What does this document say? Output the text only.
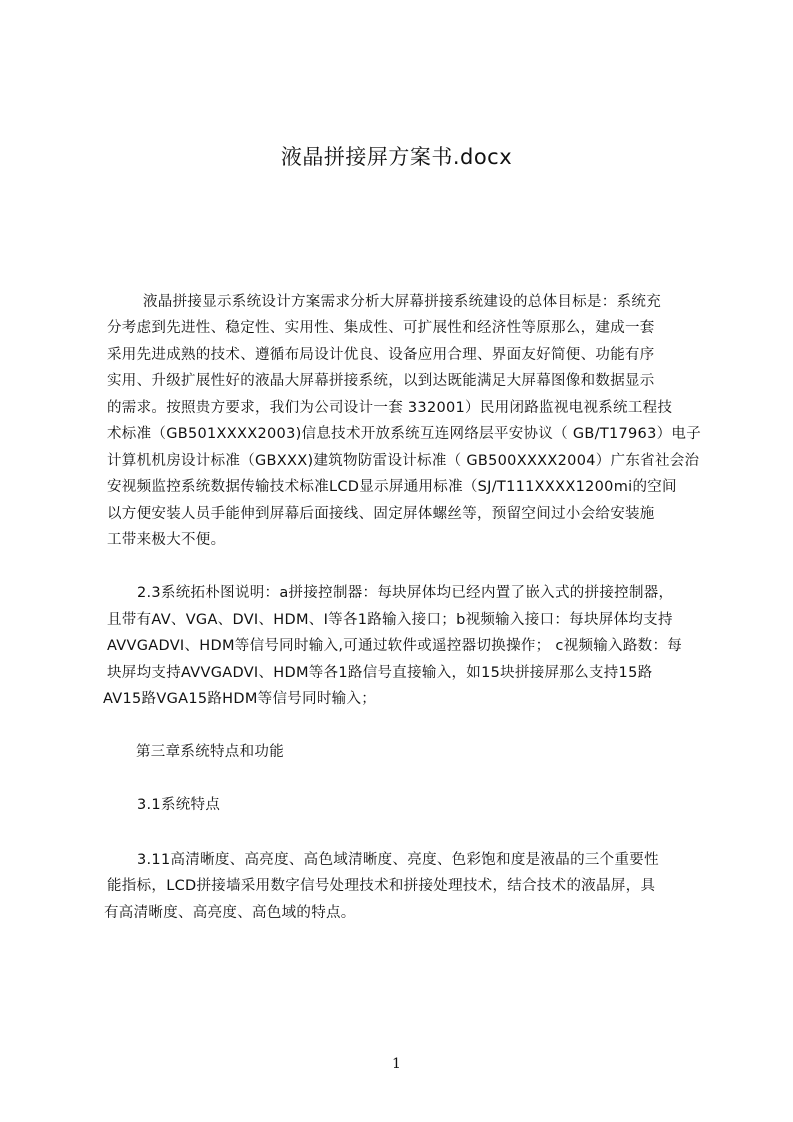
液晶拼接屏方案书.docx
液晶拼接显示系统设计方案需求分析大屏幕拼接系统建设的总体目标是：系统充
分考虑到先进性、稳定性、实用性、集成性、可扩展性和经济性等原那么，建成一套
采用先进成熟的技术、遵循布局设计优良、设备应用合理、界面友好简便、功能有序
实用、升级扩展性好的液晶大屏幕拼接系统，以到达既能满足大屏幕图像和数据显示
的需求。按照贵方要求，我们为公司设计一套 332001）民用闭路监视电视系统工程技
术标准（GB501XXXX2003)信息技术开放系统互连网络层平安协议（ GB/T17963）电子
计算机机房设计标准（GBXXX)建筑物防雷设计标准（ GB500XXXX2004）广东省社会治
安视频监控系统数据传输技术标准LCD显示屏通用标准（SJ/T111XXXX1200mi的空间
以方便安装人员手能伸到屏幕后面接线、固定屏体螺丝等，预留空间过小会给安装施
工带来极大不便。
2.3系统拓朴图说明：a拼接控制器：每块屏体均已经内置了嵌入式的拼接控制器，
且带有AV、VGA、DVI、HDM、I等各1路输入接口；b视频输入接口：每块屏体均支持
AVVGADVI、HDM等信号同时输入,可通过软件或遥控器切换操作； c视频输入路数：每
块屏均支持AVVGADVI、HDM等各1路信号直接输入，如15块拼接屏那么支持15路
AV15路VGA15路HDM等信号同时输入；
第三章系统特点和功能
3.1系统特点
3.11高清晰度、高亮度、高色域清晰度、亮度、色彩饱和度是液晶的三个重要性
能指标，LCD拼接墙采用数字信号处理技术和拼接处理技术，结合技术的液晶屏，具
有高清晰度、高亮度、高色域的特点。
1
